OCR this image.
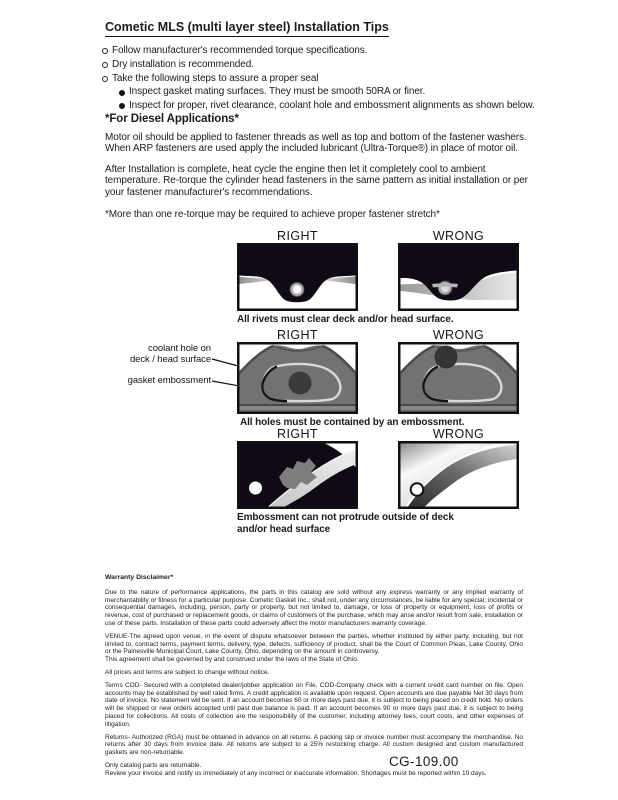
Cometic MLS (multi layer steel) Installation Tips
Follow manufacturer's recommended torque specifications.
Dry installation is recommended.
Take the following steps to assure a proper seal
Inspect gasket mating surfaces. They must be smooth 50RA or finer.
Inspect for proper, rivet clearance, coolant hole and embossment alignments as shown below.
*For Diesel Applications*

Motor oil should be applied to fastener threads as well as top and bottom of the fastener washers. When ARP fasteners are used apply the included lubricant (Ultra-Torque®) in place of motor oil.

After Installation is complete, heat cycle the engine then let it completely cool to ambient temperature. Re-torque the cylinder head fasteners in the same pattern as initial installation or per your fastener manufacturer's recommendations.

*More than one re-torque may be required to achieve proper fastener stretch*

RIGHT	WRONG
All rivets must clear deck and/or head surface.
RIGHT	WRONG
coolant hole on
deck / head surface
gasket embossment
All holes must be contained by an embossment.
RIGHT	WRONG
Embossment can not protrude outside of deck
and/or head surface
Warranty Disclaimer*

Due to the nature of performance applications, the parts in this catalog are sold without any express warranty or any implied warranty of merchantability or fitness for a particular purpose. Cometic Gasket Inc., shall not, under any circumstances, be liable for any special, incidental or consequential damages, including, person, party or property, but not limited to, damage, or loss of property or equipment, loss of profits or revenue, cost of purchased or replacement goods, or claims of customers of the purchase, which may arise and/or result from sale, installation or use of these parts. Installation of these parts could adversely affect the motor manufacturers warranty coverage.

VENUE-The agreed upon venue, in the event of dispute whatsoever between the parties, whether instituted by either party, including, but not limited to, contract terms, payment terms, delivery, type, defects, sufficiency of product, shall be the Court of Common Pleas, Lake County, Ohio or the Painesville Municipal Court, Lake County, Ohio, depending on the amount in controversy.

This agreement shall be governed by and construed under the laws of the State of Ohio.

All prices and terms are subject to change without notice.

Terms COD- Secured with a completed dealer/jobber application on File, COD-Company check with a current credit card number on file. Open accounts may be established by well rated firms. A credit application is available upon request. Open accounts are due payable Net 30 days from date of invoice. No statement will be sent. If an account becomes 60 or more days past due, it is subject to being placed on credit hold. No orders will be shipped or new orders accepted until past due balance is paid. If an account becomes 90 or more days past due, it is subject to being placed for collections. All costs of collection are the responsibility of the customer, including attorney fees, court costs, and other expenses of litigation.

Returns- Authorized (RGA) must be obtained in advance on all returns. A packing slip or invoice number must accompany the merchandise. No returns after 30 days from invoice date. All returns are subject to a 25% restocking charge. All custom designed and custom manufactured gaskets are non-returnable.

Only catalog parts are returnable.

Review your invoice and notify us immediately of any incorrect or inaccurate information. Shortages must be reported within 10 days.

CG-109.00
